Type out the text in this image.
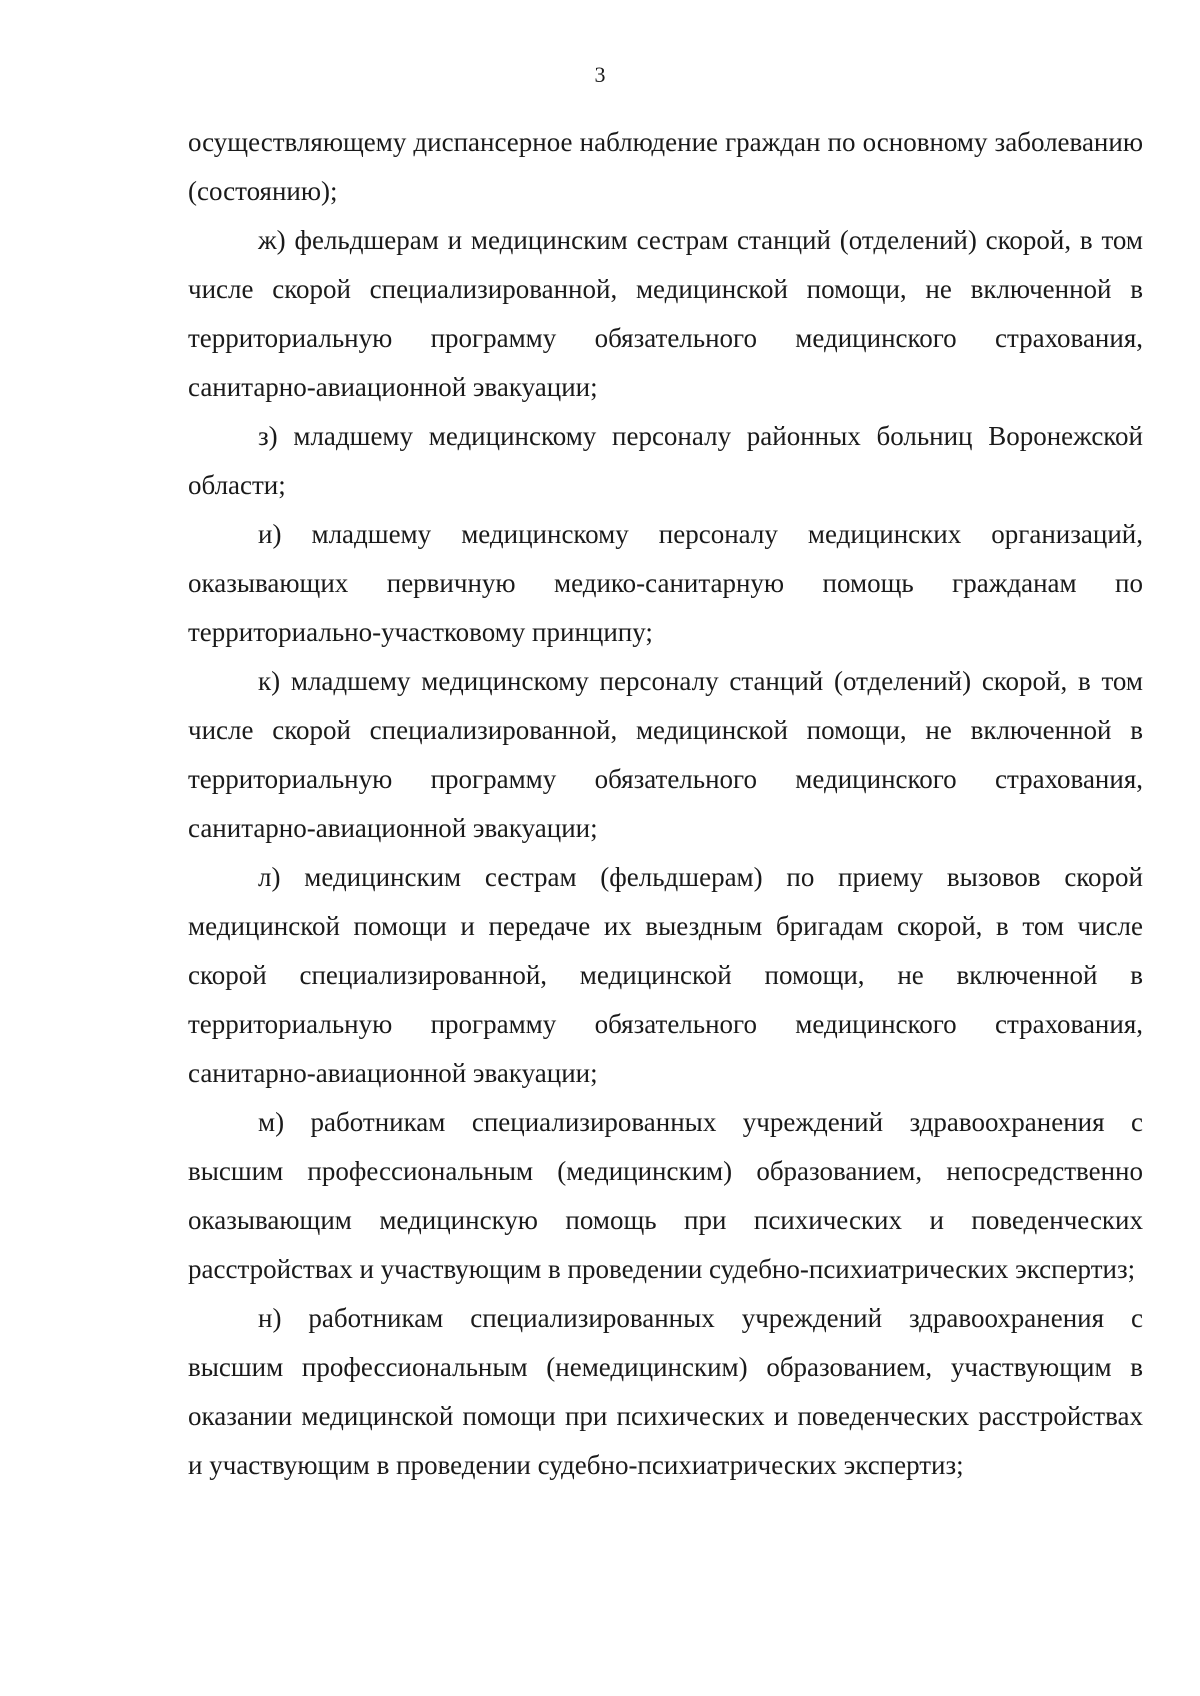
3

осуществляющему диспансерное наблюдение граждан по основному заболеванию (состоянию);

ж) фельдшерам и медицинским сестрам станций (отделений) скорой, в том числе скорой специализированной, медицинской помощи, не включенной в территориальную программу обязательного медицинского страхования, санитарно-авиационной эвакуации;

з) младшему медицинскому персоналу районных больниц Воронежской области;

и) младшему медицинскому персоналу медицинских организаций, оказывающих первичную медико-санитарную помощь гражданам по территориально-участковому принципу;

к) младшему медицинскому персоналу станций (отделений) скорой, в том числе скорой специализированной, медицинской помощи, не включенной в территориальную программу обязательного медицинского страхования, санитарно-авиационной эвакуации;

л) медицинским сестрам (фельдшерам) по приему вызовов скорой медицинской помощи и передаче их выездным бригадам скорой, в том числе скорой специализированной, медицинской помощи, не включенной в территориальную программу обязательного медицинского страхования, санитарно-авиационной эвакуации;

м) работникам специализированных учреждений здравоохранения с высшим профессиональным (медицинским) образованием, непосредственно оказывающим медицинскую помощь при психических и поведенческих расстройствах и участвующим в проведении судебно-психиатрических экспертиз;

н) работникам специализированных учреждений здравоохранения с высшим профессиональным (немедицинским) образованием, участвующим в оказании медицинской помощи при психических и поведенческих расстройствах и участвующим в проведении судебно-психиатрических экспертиз;
